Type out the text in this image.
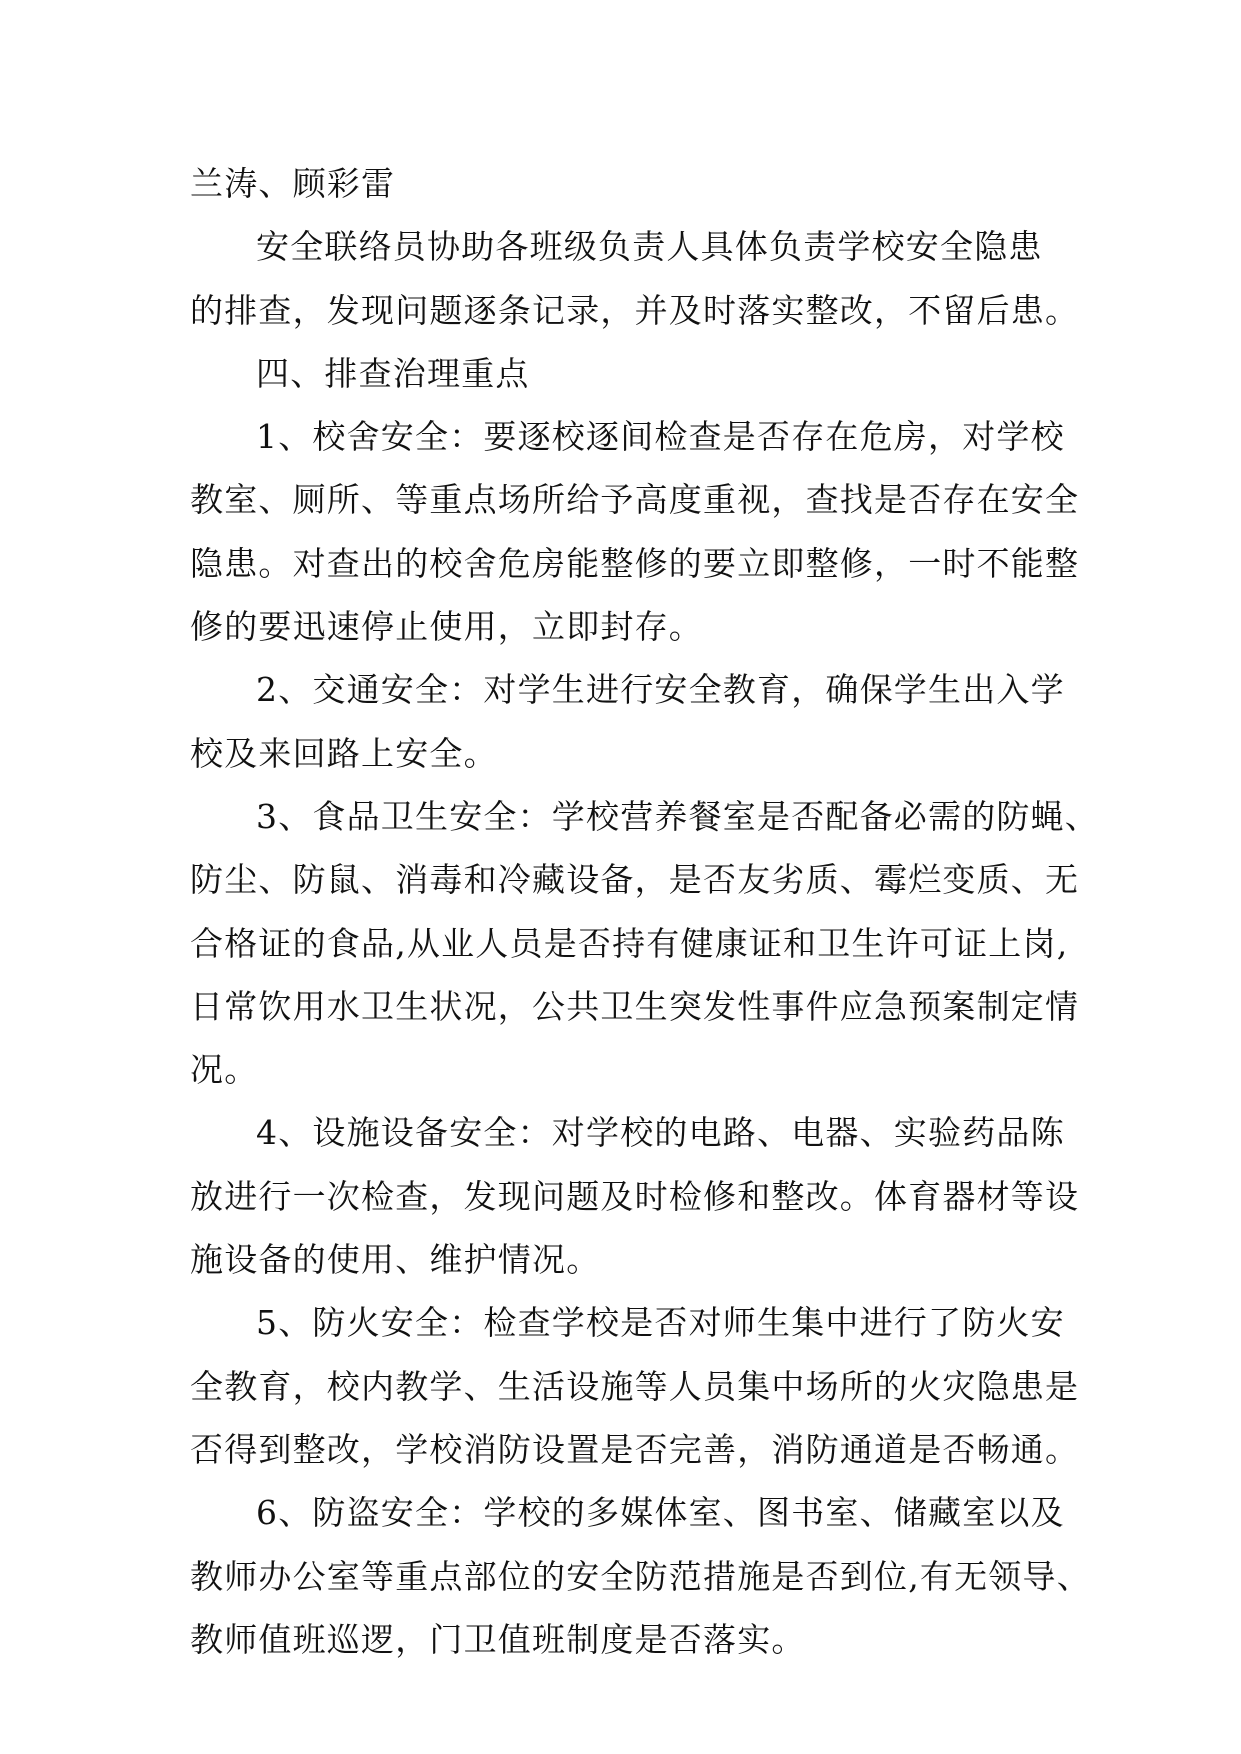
兰涛、顾彩雷
安全联络员协助各班级负责人具体负责学校安全隐患
的排查，发现问题逐条记录，并及时落实整改，不留后患。
四、排查治理重点
1、校舍安全：要逐校逐间检查是否存在危房，对学校
教室、厕所、等重点场所给予高度重视，查找是否存在安全
隐患。对查出的校舍危房能整修的要立即整修，一时不能整
修的要迅速停止使用，立即封存。
2、交通安全：对学生进行安全教育，确保学生出入学
校及来回路上安全。
3、食品卫生安全：学校营养餐室是否配备必需的防蝇、
防尘、防鼠、消毒和冷藏设备，是否友劣质、霉烂变质、无
合格证的食品,从业人员是否持有健康证和卫生许可证上岗,
日常饮用水卫生状况，公共卫生突发性事件应急预案制定情
况。
4、设施设备安全：对学校的电路、电器、实验药品陈
放进行一次检查，发现问题及时检修和整改。体育器材等设
施设备的使用、维护情况。
5、防火安全：检查学校是否对师生集中进行了防火安
全教育，校内教学、生活设施等人员集中场所的火灾隐患是
否得到整改，学校消防设置是否完善，消防通道是否畅通。
6、防盗安全：学校的多媒体室、图书室、储藏室以及
教师办公室等重点部位的安全防范措施是否到位,有无领导、
教师值班巡逻，门卫值班制度是否落实。
